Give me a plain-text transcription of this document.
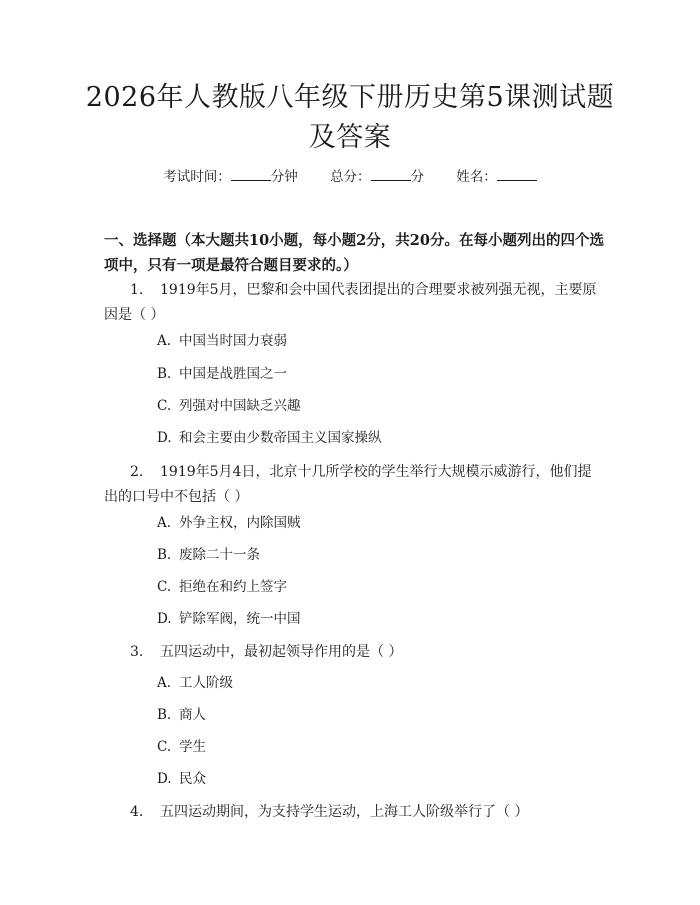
2026年人教版八年级下册历史第5课测试题
及答案
考试时间：	分钟 总分：	分 姓名：
一、选择题（本大题共10小题，每小题2分，共20分。在每小题列出的四个选
项中，只有一项是最符合题目要求的。）
1. 1919年5月，巴黎和会中国代表团提出的合理要求被列强无视，主要原
因是（ ）
A. 中国当时国力衰弱
B. 中国是战胜国之一
C. 列强对中国缺乏兴趣
D. 和会主要由少数帝国主义国家操纵
2. 1919年5月4日，北京十几所学校的学生举行大规模示威游行，他们提
出的口号中不包括（ ）
A. 外争主权，内除国贼
B. 废除二十一条
C. 拒绝在和约上签字
D. 铲除军阀，统一中国
3. 五四运动中，最初起领导作用的是（ ）
A. 工人阶级
B. 商人
C. 学生
D. 民众
4. 五四运动期间，为支持学生运动，上海工人阶级举行了（ ）
